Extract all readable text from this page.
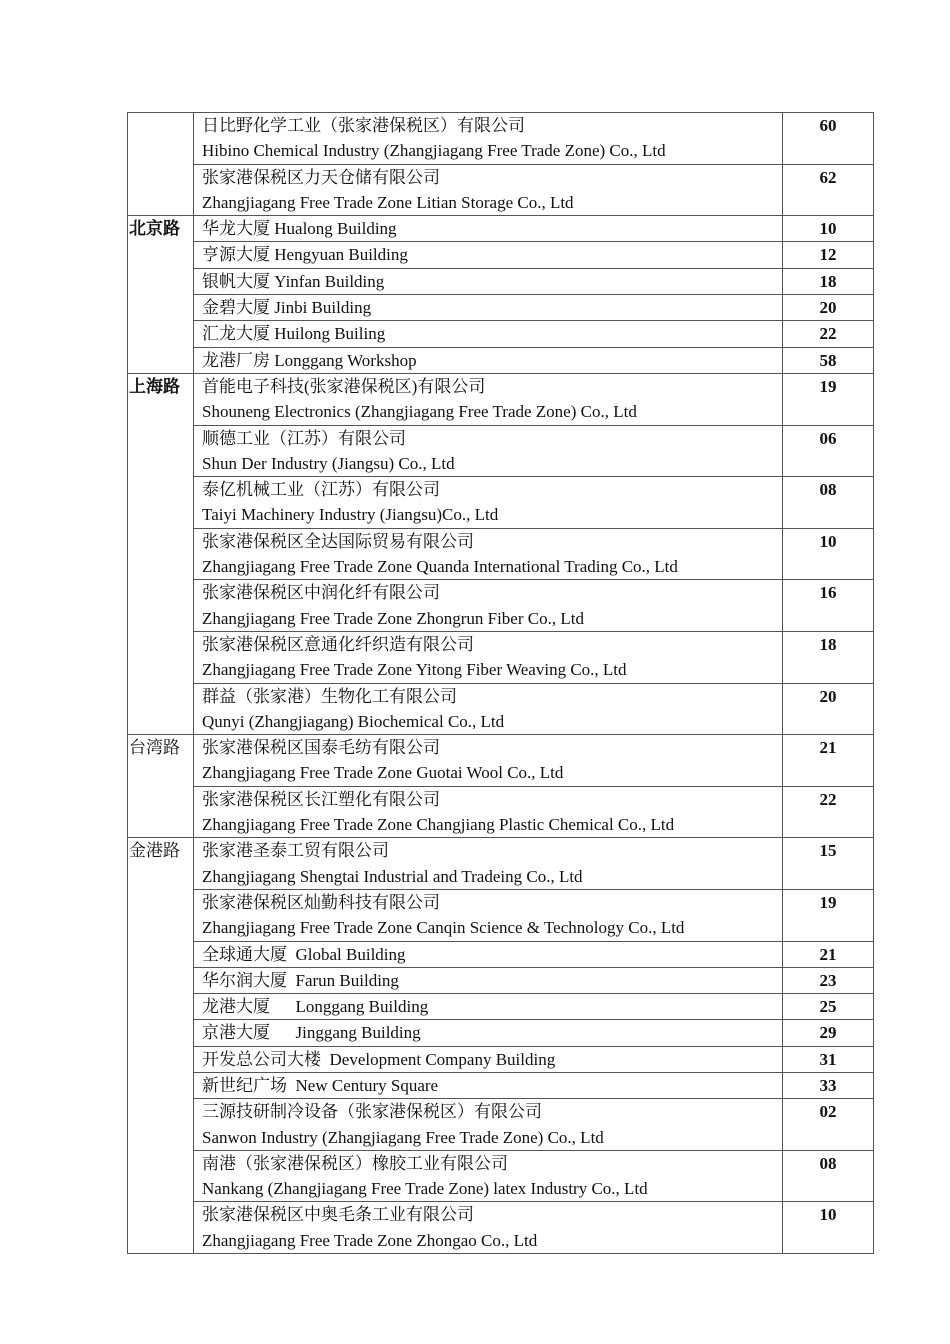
	日比野化学工业（张家港保税区）有限公司
Hibino Chemical Industry (Zhangjiagang Free Trade Zone) Co., Ltd	60

	张家港保税区力天仓储有限公司
Zhangjiagang Free Trade Zone Litian Storage Co., Ltd	62
北京路	华龙大厦 Hualong Building	10

	亨源大厦 Hengyuan Building	12

	银帆大厦 Yinfan Building	18

	金碧大厦 Jinbi Building	20

	汇龙大厦 Huilong Builing	22

	龙港厂房 Longgang Workshop	58
上海路	首能电子科技(张家港保税区)有限公司
Shouneng Electronics (Zhangjiagang Free Trade Zone) Co., Ltd	19

	顺德工业（江苏）有限公司
Shun Der Industry (Jiangsu) Co., Ltd	06

	泰亿机械工业（江苏）有限公司
Taiyi Machinery Industry (Jiangsu)Co., Ltd	08

	张家港保税区全达国际贸易有限公司
Zhangjiagang Free Trade Zone Quanda International Trading Co., Ltd	10

	张家港保税区中润化纤有限公司
Zhangjiagang Free Trade Zone Zhongrun Fiber Co., Ltd	16

	张家港保税区意通化纤织造有限公司
Zhangjiagang Free Trade Zone Yitong Fiber Weaving Co., Ltd	18

	群益（张家港）生物化工有限公司
Qunyi (Zhangjiagang) Biochemical Co., Ltd	20
台湾路	张家港保税区国泰毛纺有限公司
Zhangjiagang Free Trade Zone Guotai Wool Co., Ltd	21

	张家港保税区长江塑化有限公司
Zhangjiagang Free Trade Zone Changjiang Plastic Chemical Co., Ltd	22
金港路	张家港圣泰工贸有限公司
Zhangjiagang Shengtai Industrial and Tradeing Co., Ltd	15

	张家港保税区灿勤科技有限公司
Zhangjiagang Free Trade Zone Canqin Science & Technology Co., Ltd	19

	全球通大厦  Global Building	21

	华尔润大厦  Farun Building	23

	龙港大厦      Longgang Building	25

	京港大厦      Jinggang Building	29

	开发总公司大楼  Development Company Building	31

	新世纪广场  New Century Square	33

	三源技研制冷设备（张家港保税区）有限公司
Sanwon Industry (Zhangjiagang Free Trade Zone) Co., Ltd	02

	南港（张家港保税区）橡胶工业有限公司
Nankang (Zhangjiagang Free Trade Zone) latex Industry Co., Ltd	08

	张家港保税区中奥毛条工业有限公司
Zhangjiagang Free Trade Zone Zhongao Co., Ltd	10
